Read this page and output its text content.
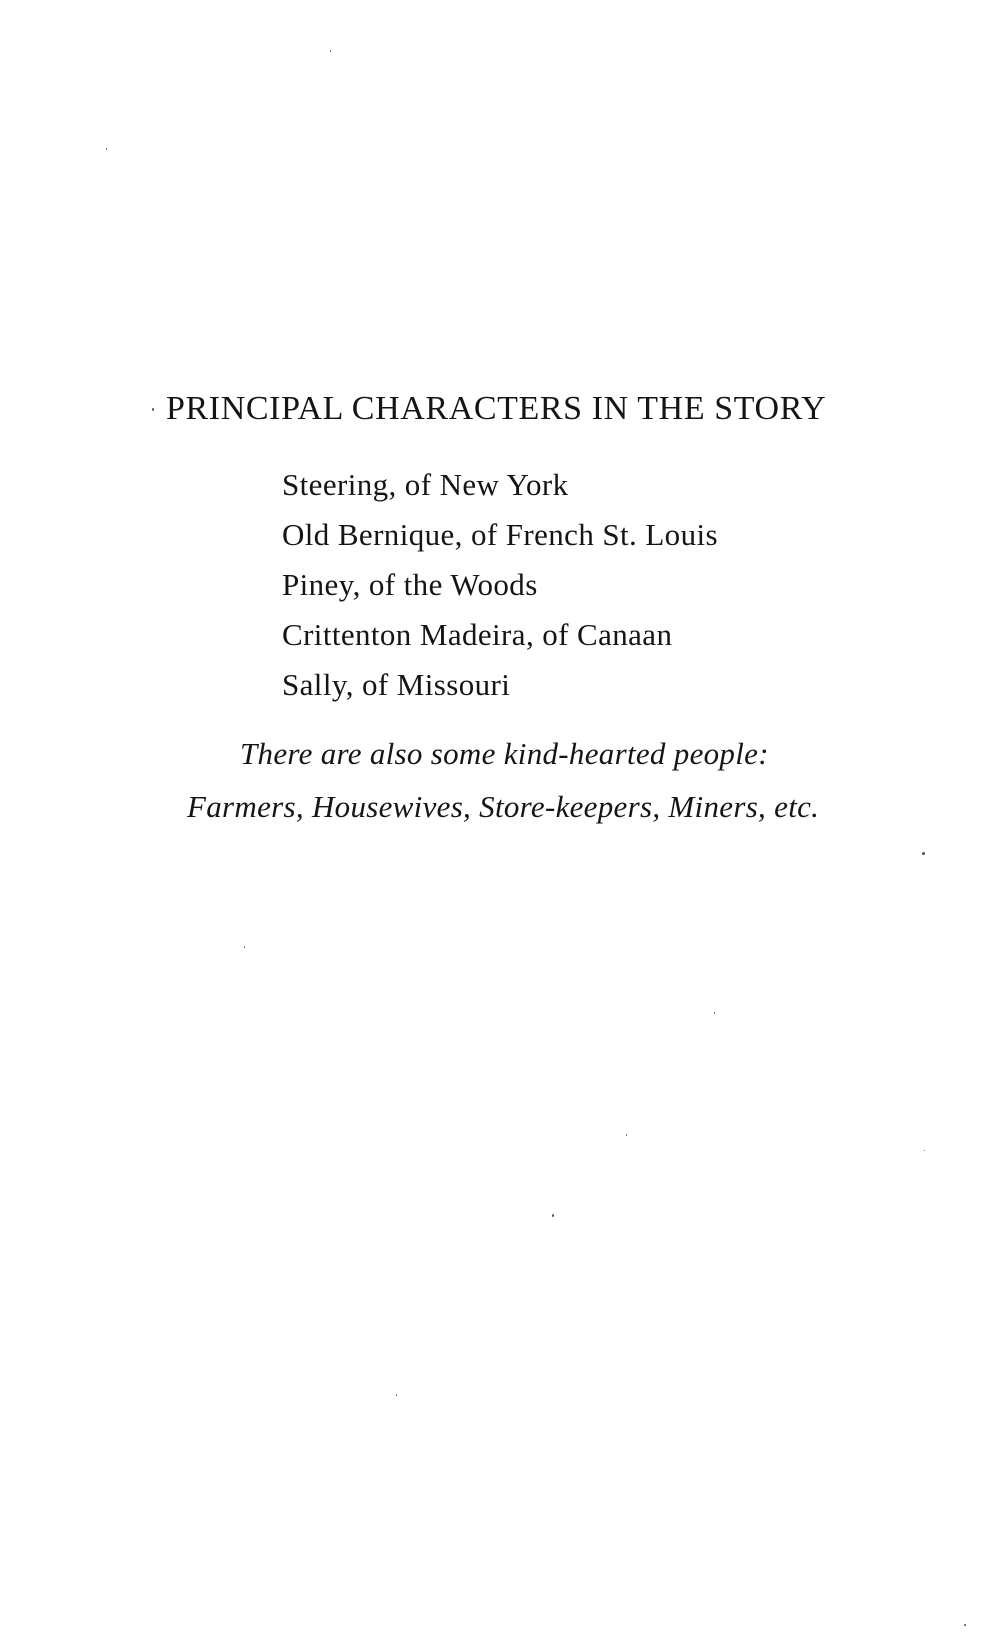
PRINCIPAL CHARACTERS IN THE STORY
Steering, of New York
Old Bernique, of French St. Louis
Piney, of the Woods
Crittenton Madeira, of Canaan
Sally, of Missouri
There are also some kind-hearted people:
Farmers, Housewives, Store-keepers, Miners, etc.
